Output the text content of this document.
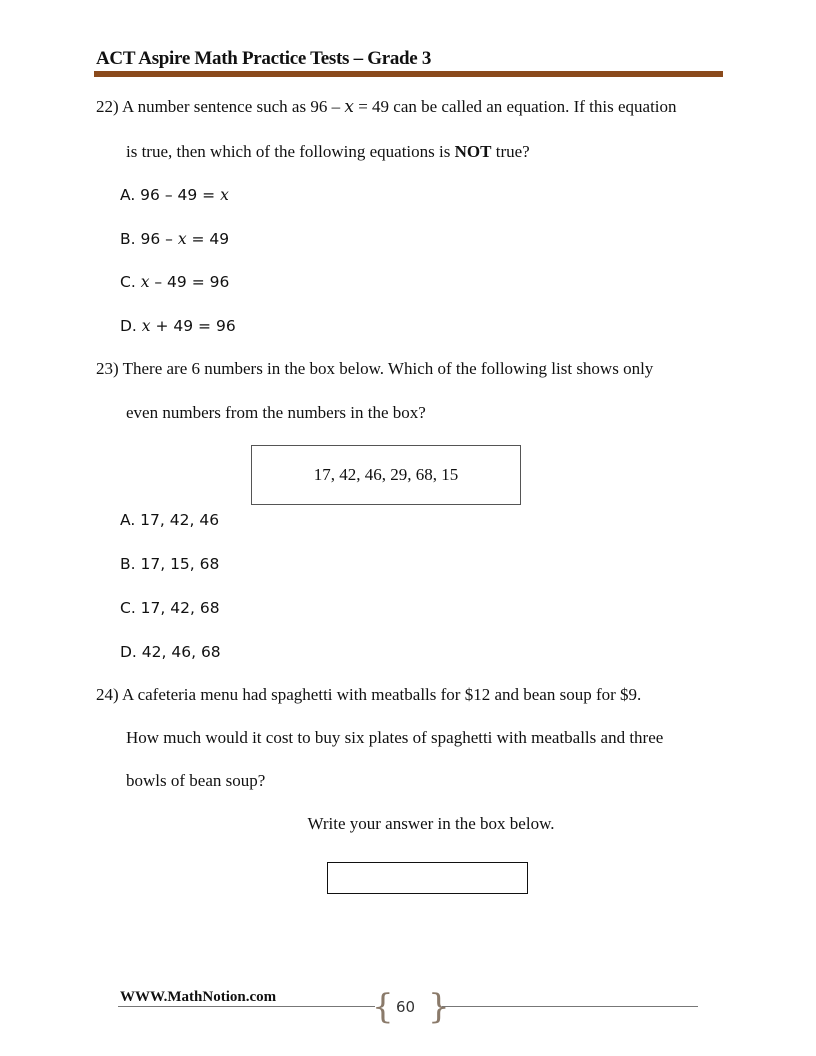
ACT Aspire Math Practice Tests – Grade 3
22) A number sentence such as 96 – x = 49 can be called an equation. If this equation
is true, then which of the following equations is NOT true?
A. 96 – 49 = x
B. 96 – x = 49
C. x – 49 = 96
D. x + 49 = 96
23) There are 6 numbers in the box below. Which of the following list shows only
even numbers from the numbers in the box?
17, 42, 46, 29, 68, 15
A. 17, 42, 46
B. 17, 15, 68
C. 17, 42, 68
D. 42, 46, 68
24) A cafeteria menu had spaghetti with meatballs for $12 and bean soup for $9.
How much would it cost to buy six plates of spaghetti with meatballs and three
bowls of bean soup?
Write your answer in the box below.
WWW.MathNotion.com	{ 60 }
